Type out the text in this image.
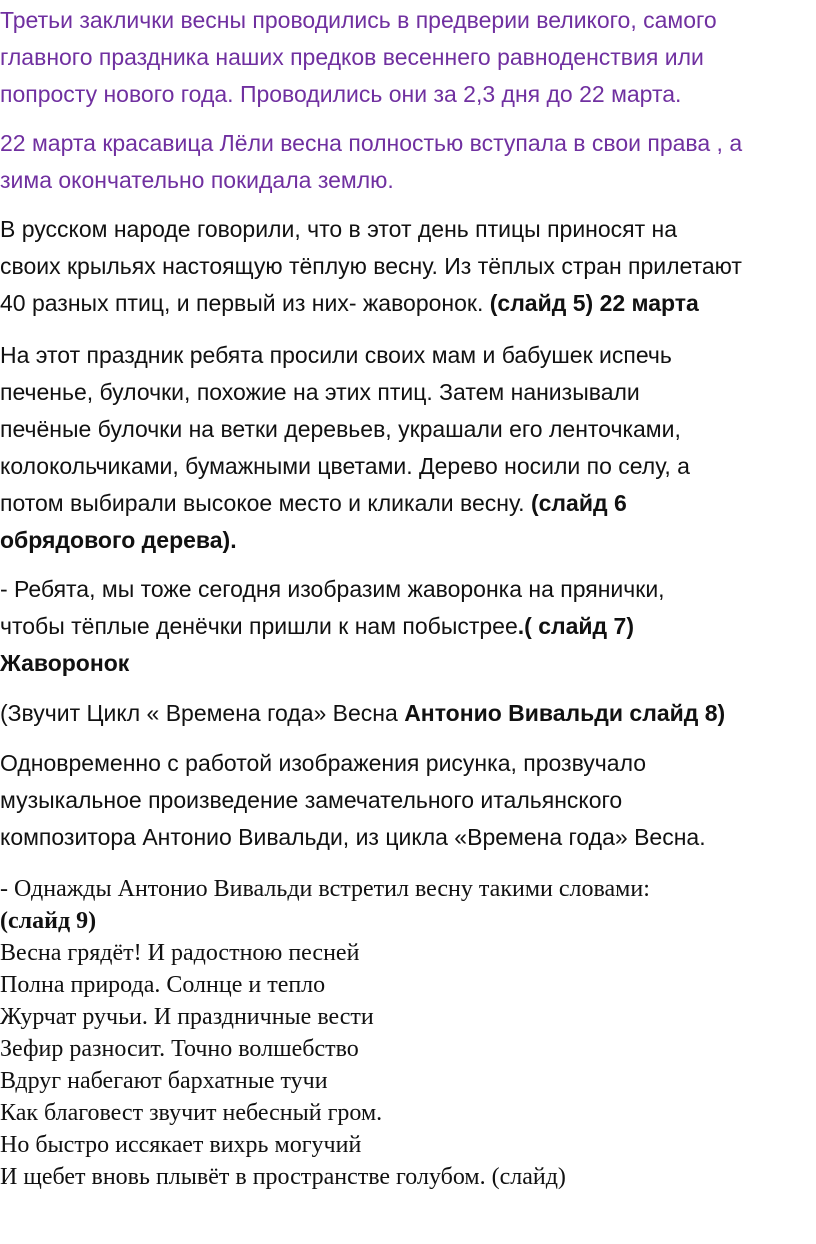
Третьи заклички весны проводились в предверии великого, самого
главного праздника наших предков весеннего равноденствия или
попросту нового года. Проводились они за 2,3 дня до 22 марта.

22 марта красавица Лёли весна полностью вступала в свои права , а
зима окончательно покидала землю.

В русском народе говорили, что в этот день птицы приносят на
своих крыльях настоящую тёплую весну. Из тёплых стран прилетают
40 разных птиц, и первый из них- жаворонок. (слайд 5) 22 марта

На этот праздник ребята просили своих мам и бабушек испечь
печенье, булочки, похожие на этих птиц. Затем нанизывали
печёные булочки на ветки деревьев, украшали его ленточками,
колокольчиками, бумажными цветами. Дерево носили по селу, а
потом выбирали высокое место и кликали весну. (слайд 6
обрядового дерева).

- Ребята, мы тоже сегодня изобразим жаворонка на прянички,
чтобы тёплые денёчки пришли к нам побыстрее.( слайд 7)
Жаворонок

(Звучит Цикл « Времена года» Весна Антонио Вивальди слайд 8)

Одновременно с работой изображения рисунка, прозвучало
музыкальное произведение замечательного итальянского
композитора Антонио Вивальди, из цикла «Времена года» Весна.

- Однажды Антонио Вивальди встретил весну такими словами:
(слайд 9)
Весна грядёт! И радостною песней
Полна природа. Солнце и тепло
Журчат ручьи. И праздничные вести
Зефир разносит. Точно волшебство
Вдруг набегают бархатные тучи
Как благовест звучит небесный гром.
Но быстро иссякает вихрь могучий
И щебет вновь плывёт в пространстве голубом. (слайд)
